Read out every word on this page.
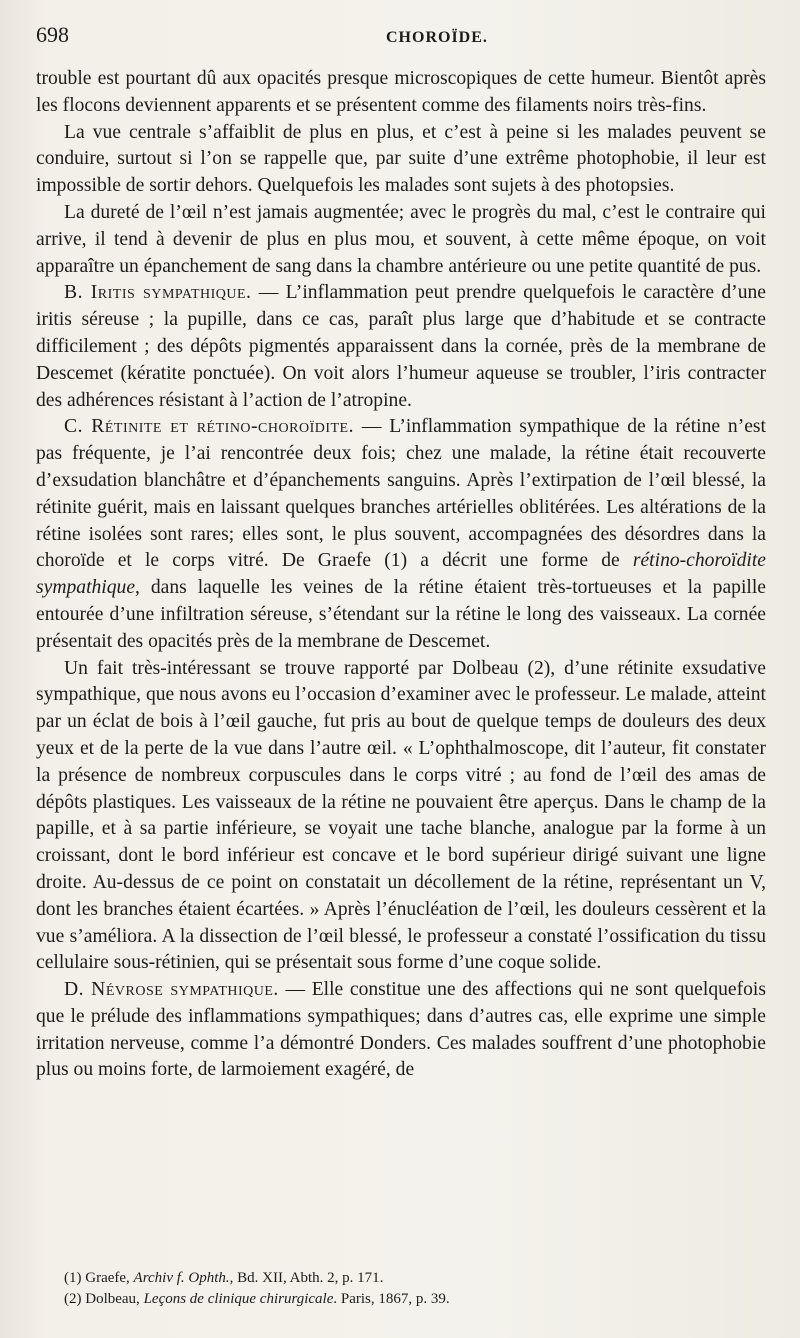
698	CHOROÏDE.

trouble est pourtant dû aux opacités presque microscopiques de cette humeur. Bientôt après les flocons deviennent apparents et se présentent comme des filaments noirs très-fins.

La vue centrale s’affaiblit de plus en plus, et c’est à peine si les malades peuvent se conduire, surtout si l’on se rappelle que, par suite d’une extrême photophobie, il leur est impossible de sortir dehors. Quelquefois les malades sont sujets à des photopsies.

La dureté de l’œil n’est jamais augmentée; avec le progrès du mal, c’est le contraire qui arrive, il tend à devenir de plus en plus mou, et souvent, à cette même époque, on voit apparaître un épanchement de sang dans la chambre antérieure ou une petite quantité de pus.

B. Iritis sympathique. — L’inflammation peut prendre quelquefois le caractère d’une iritis séreuse ; la pupille, dans ce cas, paraît plus large que d’habitude et se contracte difficilement ; des dépôts pigmentés apparaissent dans la cornée, près de la membrane de Descemet (kératite ponctuée). On voit alors l’humeur aqueuse se troubler, l’iris contracter des adhérences résistant à l’action de l’atropine.

C. Rétinite et rétino-choroïdite. — L’inflammation sympathique de la rétine n’est pas fréquente, je l’ai rencontrée deux fois; chez une malade, la rétine était recouverte d’exsudation blanchâtre et d’épanchements sanguins. Après l’extirpation de l’œil blessé, la rétinite guérit, mais en laissant quelques branches artérielles oblitérées. Les altérations de la rétine isolées sont rares; elles sont, le plus souvent, accompagnées des désordres dans la choroïde et le corps vitré. De Graefe (1) a décrit une forme de rétino-choroïdite sympathique, dans laquelle les veines de la rétine étaient très-tortueuses et la papille entourée d’une infiltration séreuse, s’étendant sur la rétine le long des vaisseaux. La cornée présentait des opacités près de la membrane de Descemet.

Un fait très-intéressant se trouve rapporté par Dolbeau (2), d’une rétinite exsudative sympathique, que nous avons eu l’occasion d’examiner avec le professeur. Le malade, atteint par un éclat de bois à l’œil gauche, fut pris au bout de quelque temps de douleurs des deux yeux et de la perte de la vue dans l’autre œil. « L’ophthalmoscope, dit l’auteur, fit constater la présence de nombreux corpuscules dans le corps vitré ; au fond de l’œil des amas de dépôts plastiques. Les vaisseaux de la rétine ne pouvaient être aperçus. Dans le champ de la papille, et à sa partie inférieure, se voyait une tache blanche, analogue par la forme à un croissant, dont le bord inférieur est concave et le bord supérieur dirigé suivant une ligne droite. Au-dessus de ce point on constatait un décollement de la rétine, représentant un V, dont les branches étaient écartées. » Après l’énucléation de l’œil, les douleurs cessèrent et la vue s’améliora. A la dissection de l’œil blessé, le professeur a constaté l’ossification du tissu cellulaire sous-rétinien, qui se présentait sous forme d’une coque solide.

D. Névrose sympathique. — Elle constitue une des affections qui ne sont quelquefois que le prélude des inflammations sympathiques; dans d’autres cas, elle exprime une simple irritation nerveuse, comme l’a démontré Donders. Ces malades souffrent d’une photophobie plus ou moins forte, de larmoiement exagéré, de

(1) Graefe, Archiv f. Ophth., Bd. XII, Abth. 2, p. 171.

(2) Dolbeau, Leçons de clinique chirurgicale. Paris, 1867, p. 39.
